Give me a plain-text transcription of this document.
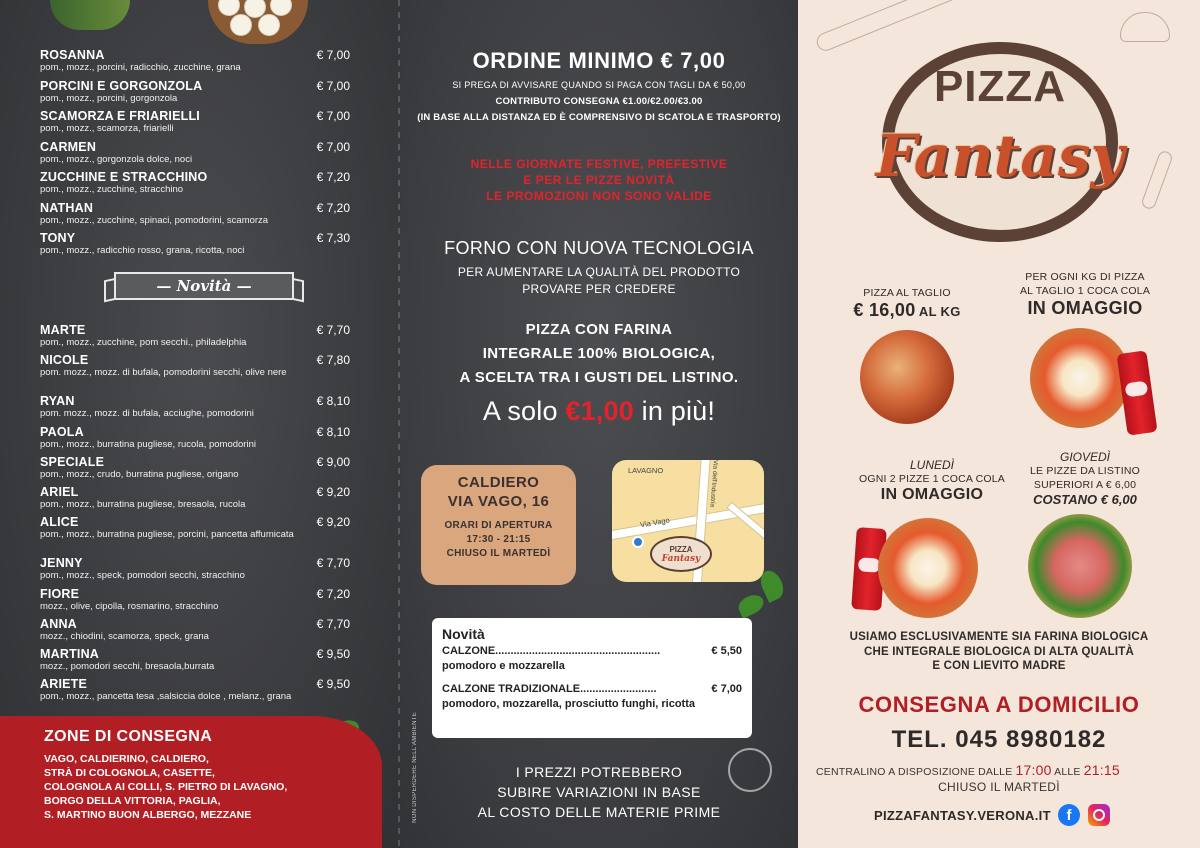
ROSANNA
pom., mozz., porcini, radicchio, zucchine, grana
€ 7,00
PORCINI E GORGONZOLA
pom., mozz., porcini, gorgonzola
€ 7,00
SCAMORZA E FRIARIELLI
pom., mozz., scamorza, friarielli
€ 7,00
CARMEN
pom., mozz., gorgonzola dolce, noci
€ 7,00
ZUCCHINE E STRACCHINO
pom., mozz., zucchine, stracchino
€ 7,20
NATHAN
pom., mozz., zucchine, spinaci, pomodorini, scamorza
€ 7,20
TONY
pom., mozz., radicchio rosso, grana, ricotta, noci
€ 7,30
— Novità —
MARTE
pom., mozz., zucchine, pom secchi., philadelphia
€ 7,70
NICOLE
pom. mozz., mozz. di bufala, pomodorini secchi, olive nere
€ 7,80
RYAN
pom. mozz., mozz. di bufala, acciughe, pomodorini
€ 8,10
PAOLA
pom., mozz., burratina pugliese, rucola, pomodorini
€ 8,10
SPECIALE
pom., mozz., crudo, burratina pugliese, origano
€ 9,00
ARIEL
pom., mozz., burratina pugliese, bresaola, rucola
€ 9,20
ALICE
pom., mozz., burratina pugliese, porcini, pancetta affumicata
€ 9,20
JENNY
pom., mozz., speck, pomodori secchi, stracchino
€ 7,70
FIORE
mozz., olive, cipolla, rosmarino, stracchino
€ 7,20
ANNA
mozz., chiodini, scamorza, speck, grana
€ 7,70
MARTINA
mozz., pomodori secchi, bresaola,burrata
€ 9,50
ARIETE
pom., mozz., pancetta tesa ,salsiccia dolce , melanz., grana
€ 9,50
ZONE DI CONSEGNA
VAGO, CALDIERINO, CALDIERO,
STRÀ DI COLOGNOLA, CASETTE,
COLOGNOLA AI COLLI, S. PIETRO DI LAVAGNO,
BORGO DELLA VITTORIA, PAGLIA,
S. MARTINO BUON ALBERGO, MEZZANE
ORDINE MINIMO € 7,00
SI PREGA DI AVVISARE QUANDO SI PAGA CON TAGLI DA € 50,00
CONTRIBUTO CONSEGNA €1.00/€2.00/€3.00
(IN BASE ALLA DISTANZA ED È COMPRENSIVO DI SCATOLA E TRASPORTO)
NELLE GIORNATE FESTIVE, PREFESTIVE
E PER LE PIZZE NOVITÀ
LE PROMOZIONI NON SONO VALIDE
FORNO CON NUOVA TECNOLOGIA
PER AUMENTARE LA QUALITÀ DEL PRODOTTO
PROVARE PER CREDERE
PIZZA CON FARINA
INTEGRALE 100% BIOLOGICA,
A SCELTA TRA I GUSTI DEL LISTINO.
A solo €1,00 in più!
CALDIERO
VIA VAGO, 16
ORARI DI APERTURA
17:30 - 21:15
CHIUSO IL MARTEDÌ
LAVAGNO
Via Vago
Via dell'Industria
PIZZA
Fantasy
Novità
CALZONE......................................................	€ 5,50
pomodoro e mozzarella
CALZONE TRADIZIONALE.........................	€ 7,00
pomodoro, mozzarella, prosciutto funghi, ricotta
NON DISPERDERE NELL'AMBIENTE	I PREZZI POTREBBERO
SUBIRE VARIAZIONI IN BASE
AL COSTO DELLE MATERIE PRIME
PIZZA
Fantasy
PIZZA AL TAGLIO
€ 16,00 AL KG
PER OGNI KG DI PIZZA
AL TAGLIO 1 COCA COLA
IN OMAGGIO
LUNEDÌ
OGNI 2 PIZZE 1 COCA COLA
IN OMAGGIO
GIOVEDÌ
LE PIZZE DA LISTINO
SUPERIORI A € 6,00
COSTANO € 6,00
USIAMO ESCLUSIVAMENTE SIA FARINA BIOLOGICA
CHE INTEGRALE BIOLOGICA DI ALTA QUALITÀ
E CON LIEVITO MADRE
CONSEGNA A DOMICILIO
TEL. 045 8980182
CENTRALINO A DISPOSIZIONE DALLE 17:00 ALLE 21:15
CHIUSO IL MARTEDÌ
PIZZAFANTASY.VERONA.IT	f
